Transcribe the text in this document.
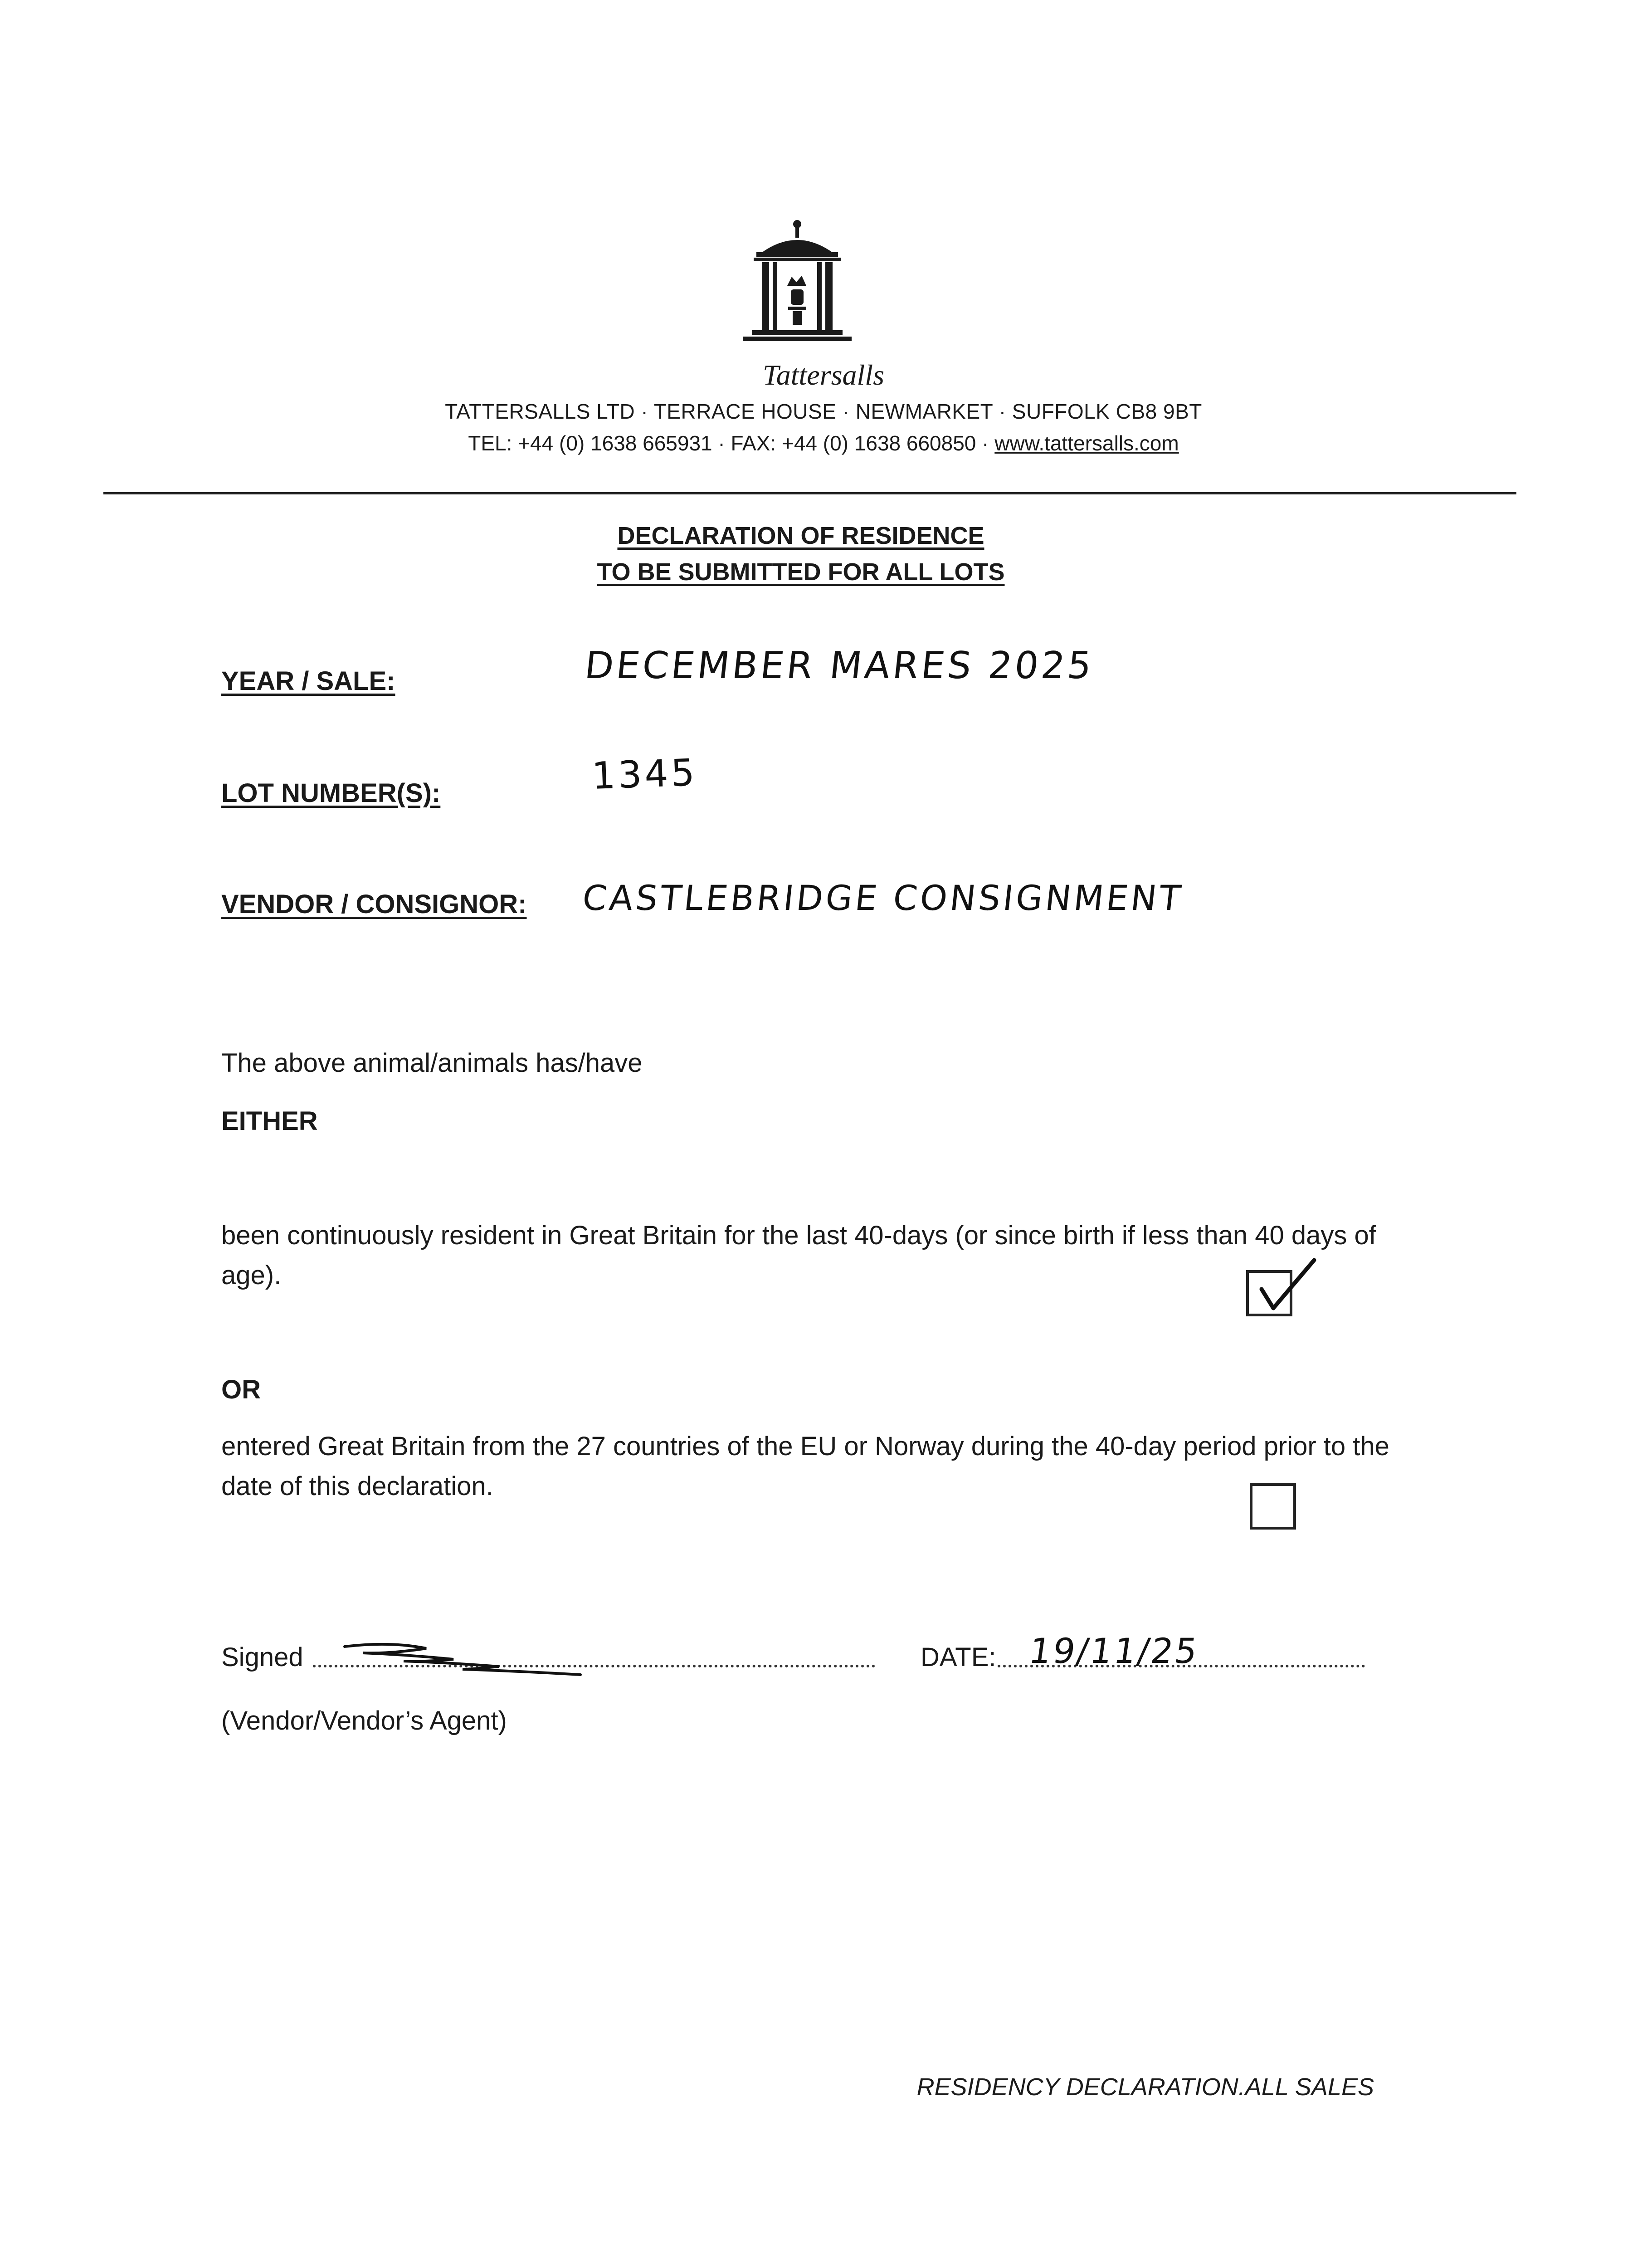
Tattersalls
TATTERSALLS LTD · TERRACE HOUSE · NEWMARKET · SUFFOLK CB8 9BT
TEL: +44 (0) 1638 665931 · FAX: +44 (0) 1638 660850 · www.tattersalls.com
DECLARATION OF RESIDENCE
TO BE SUBMITTED FOR ALL LOTS
YEAR / SALE:	DECEMBER MARES 2025
LOT NUMBER(S):	1345
VENDOR / CONSIGNOR: CASTLEBRIDGE CONSIGNMENT
The above animal/animals has/have
EITHER
been continuously resident in Great Britain for the last 40-days (or since birth if less than 40 days of age).
OR
entered Great Britain from the 27 countries of the EU or Norway during the 40-day period prior to the date of this declaration.
Signed	DATE: 19/11/25
(Vendor/Vendor’s Agent)
RESIDENCY DECLARATION.ALL SALES
